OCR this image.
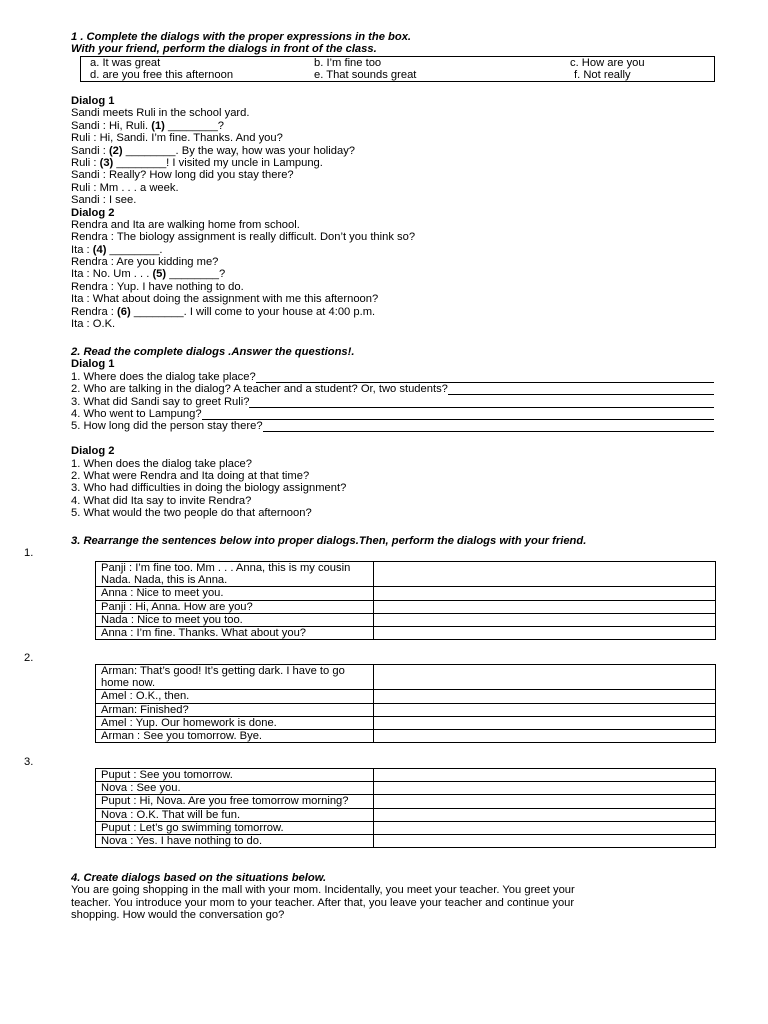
1 . Complete the dialogs with the proper expressions in the box.
With your friend, perform the dialogs in front of the class.
a. It was great	b. I’m fine too	c. How are you
d. are you free this afternoon	e. That sounds great	f. Not really
Dialog 1
Sandi meets Ruli in the school yard.
Sandi : Hi, Ruli. (1) ________?
Ruli : Hi, Sandi. I’m fine. Thanks. And you?
Sandi : (2) ________. By the way, how was your holiday?
Ruli : (3) ________! I visited my uncle in Lampung.
Sandi : Really? How long did you stay there?
Ruli : Mm . . . a week.
Sandi : I see.
Dialog 2
Rendra and Ita are walking home from school.
Rendra : The biology assignment is really difficult. Don’t you think so?
Ita : (4) ________.
Rendra : Are you kidding me?
Ita : No. Um . . . (5) ________?
Rendra : Yup. I have nothing to do.
Ita : What about doing the assignment with me this afternoon?
Rendra : (6) ________. I will come to your house at 4:00 p.m.
Ita : O.K.
2. Read the complete dialogs .Answer the questions!.
Dialog 1
1. Where does the dialog take place?
2. Who are talking in the dialog? A teacher and a student? Or, two students?
3. What did Sandi say to greet Ruli?
4. Who went to Lampung?
5. How long did the person stay there?
Dialog 2
1. When does the dialog take place?
2. What were Rendra and Ita doing at that time?
3. Who had difficulties in doing the biology assignment?
4. What did Ita say to invite Rendra?
5. What would the two people do that afternoon?
3. Rearrange the sentences below into proper dialogs.Then, perform the dialogs with your friend.
1.
Panji : I’m fine too. Mm . . . Anna, this is my cousin Nada. Nada, this is Anna.	
Anna : Nice to meet you.	
Panji : Hi, Anna. How are you?	
Nada : Nice to meet you too.	
Anna : I’m fine. Thanks. What about you?	
2.
Arman: That’s good! It’s getting dark. I have to go home now.	
Amel : O.K., then.	
Arman: Finished?	
Amel : Yup. Our homework is done.	
Arman : See you tomorrow. Bye.	
3.
Puput : See you tomorrow.	
Nova : See you.	
Puput : Hi, Nova. Are you free tomorrow morning?	
Nova : O.K. That will be fun.	
Puput : Let’s go swimming tomorrow.	
Nova : Yes. I have nothing to do.	
4. Create dialogs based on the situations below.
You are going shopping in the mall with your mom. Incidentally, you meet your teacher. You greet your
teacher. You introduce your mom to your teacher. After that, you leave your teacher and continue your
shopping. How would the conversation go?
